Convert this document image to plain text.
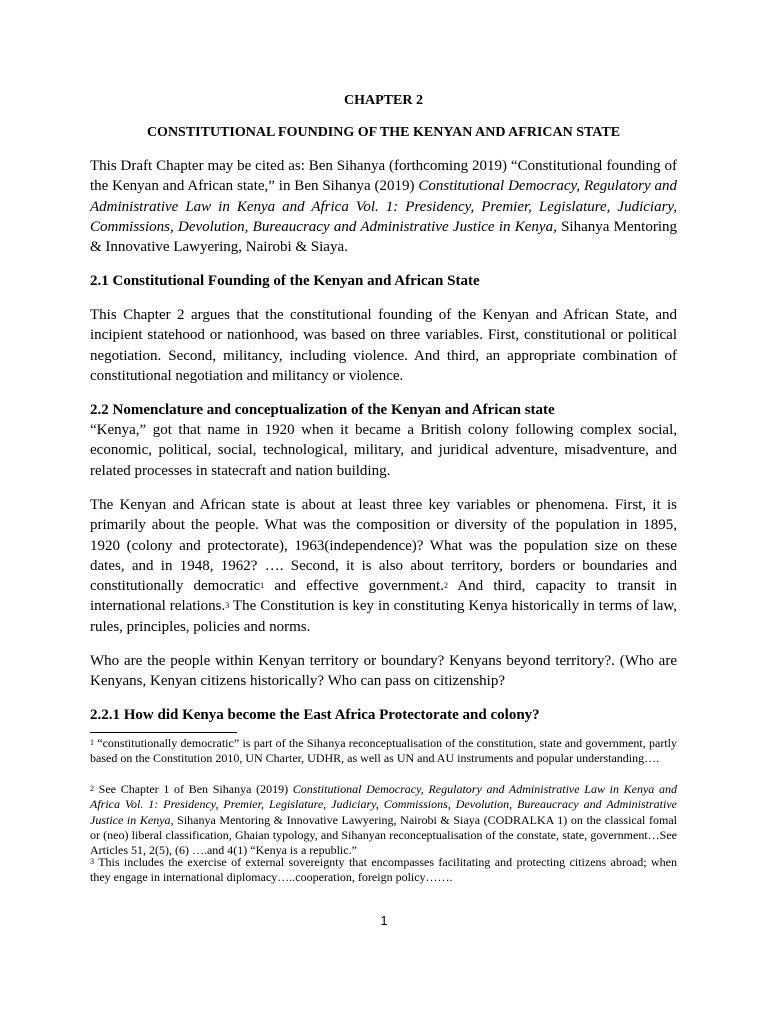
CHAPTER 2
CONSTITUTIONAL FOUNDING OF THE KENYAN AND AFRICAN STATE
This Draft Chapter may be cited as: Ben Sihanya (forthcoming 2019) “Constitutional founding of the Kenyan and African state,” in Ben Sihanya (2019) Constitutional Democracy, Regulatory and Administrative Law in Kenya and Africa Vol. 1: Presidency, Premier, Legislature, Judiciary, Commissions, Devolution, Bureaucracy and Administrative Justice in Kenya, Sihanya Mentoring & Innovative Lawyering, Nairobi & Siaya.
2.1 Constitutional Founding of the Kenyan and African State
This Chapter 2 argues that the constitutional founding of the Kenyan and African State, and incipient statehood or nationhood, was based on three variables. First, constitutional or political negotiation. Second, militancy, including violence. And third, an appropriate combination of constitutional negotiation and militancy or violence.
2.2 Nomenclature and conceptualization of the Kenyan and African state
“Kenya,” got that name in 1920 when it became a British colony following complex social, economic, political, social, technological, military, and juridical adventure, misadventure, and related processes in statecraft and nation building.
The Kenyan and African state is about at least three key variables or phenomena. First, it is primarily about the people. What was the composition or diversity of the population in 1895, 1920 (colony and protectorate), 1963(independence)? What was the population size on these dates, and in 1948, 1962? …. Second, it is also about territory, borders or boundaries and constitutionally democratic$^1$ and effective government.$^2$ And third, capacity to transit in international relations.$^3$ The Constitution is key in constituting Kenya historically in terms of law, rules, principles, policies and norms.
Who are the people within Kenyan territory or boundary? Kenyans beyond territory?. (Who are Kenyans, Kenyan citizens historically? Who can pass on citizenship?
2.2.1 How did Kenya become the East Africa Protectorate and colony?
$^1$ “constitutionally democratic” is part of the Sihanya reconceptualisation of the constitution, state and government, partly based on the Constitution 2010, UN Charter, UDHR, as well as UN and AU instruments and popular understanding….
$^2$ See Chapter 1 of Ben Sihanya (2019) Constitutional Democracy, Regulatory and Administrative Law in Kenya and Africa Vol. 1: Presidency, Premier, Legislature, Judiciary, Commissions, Devolution, Bureaucracy and Administrative Justice in Kenya, Sihanya Mentoring & Innovative Lawyering, Nairobi & Siaya (CODRALKA 1) on the classical fomal or (neo) liberal classification, Ghaian typology, and Sihanyan reconceptualisation of the constate, state, government…See Articles 51, 2(5), (6) ….and 4(1) “Kenya is a republic.”
$^3$ This includes the exercise of external sovereignty that encompasses facilitating and protecting citizens abroad; when they engage in international diplomacy…..cooperation, foreign policy…….
1
